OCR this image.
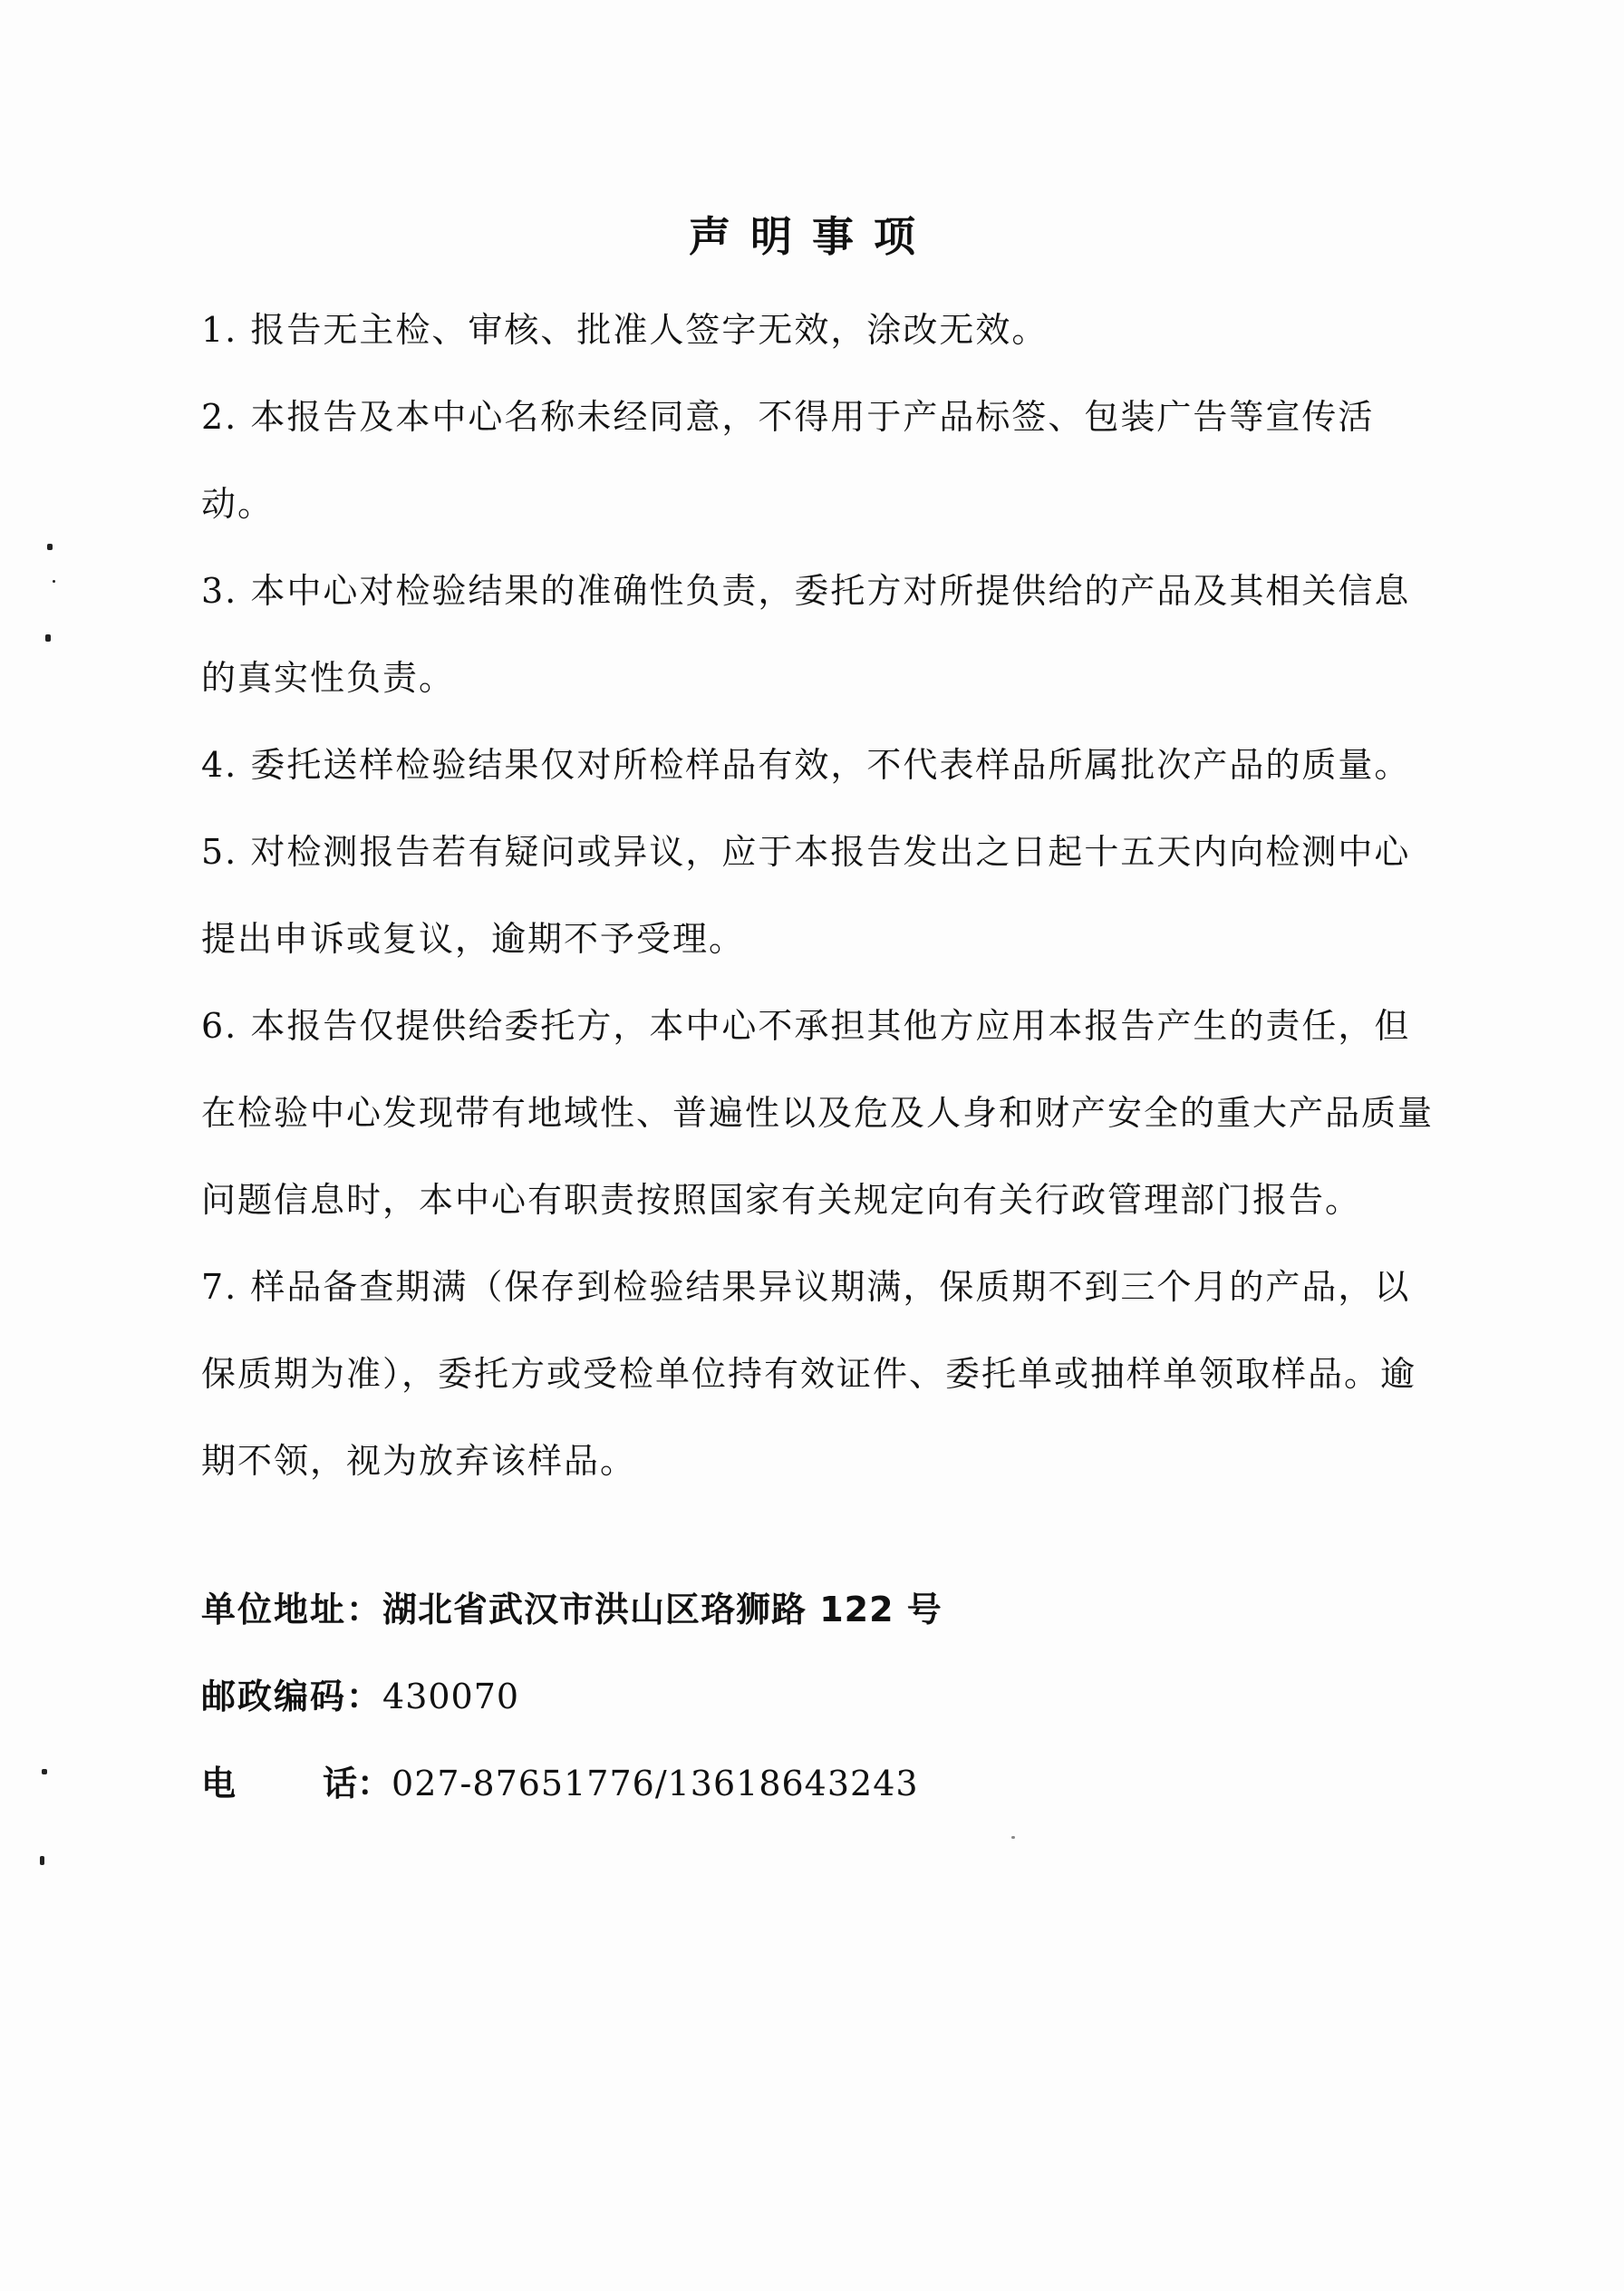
声明事项

1. 报告无主检、审核、批准人签字无效，涂改无效。

2. 本报告及本中心名称未经同意，不得用于产品标签、包装广告等宣传活动。

3. 本中心对检验结果的准确性负责，委托方对所提供给的产品及其相关信息的真实性负责。

4. 委托送样检验结果仅对所检样品有效，不代表样品所属批次产品的质量。

5. 对检测报告若有疑问或异议，应于本报告发出之日起十五天内向检测中心提出申诉或复议，逾期不予受理。

6. 本报告仅提供给委托方，本中心不承担其他方应用本报告产生的责任，但在检验中心发现带有地域性、普遍性以及危及人身和财产安全的重大产品质量问题信息时，本中心有职责按照国家有关规定向有关行政管理部门报告。

7. 样品备查期满（保存到检验结果异议期满，保质期不到三个月的产品，以保质期为准），委托方或受检单位持有效证件、委托单或抽样单领取样品。逾期不领，视为放弃该样品。

单位地址： 湖北省武汉市洪山区珞狮路 122 号
邮政编码： 430070
电	话： 027-87651776/13618643243
